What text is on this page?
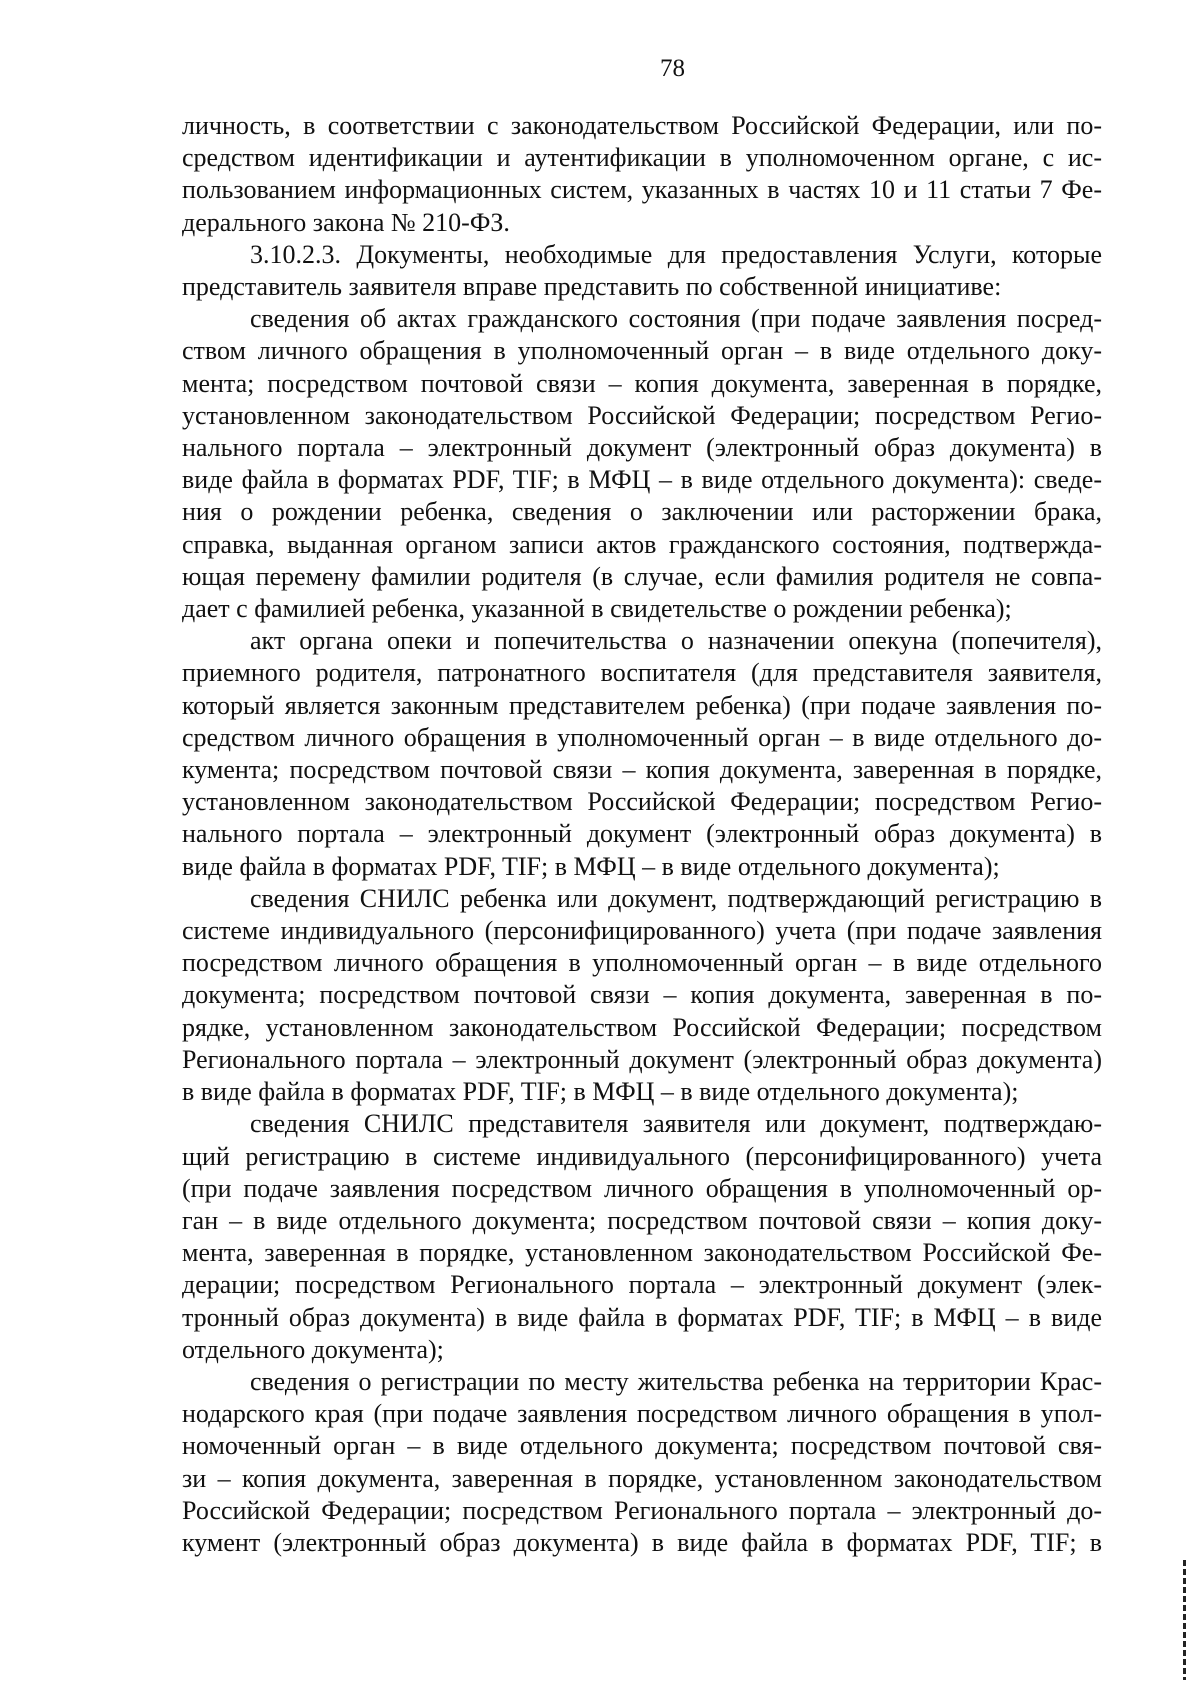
78
личность, в соответствии с законодательством Российской Федерации, или по-
средством идентификации и аутентификации в уполномоченном органе, с ис-
пользованием информационных систем, указанных в частях 10 и 11 статьи 7 Фе-
дерального закона № 210-ФЗ.
3.10.2.3. Документы, необходимые для предоставления Услуги, которые
представитель заявителя вправе представить по собственной инициативе:
сведения об актах гражданского состояния (при подаче заявления посред-
ством личного обращения в уполномоченный орган – в виде отдельного доку-
мента; посредством почтовой связи – копия документа, заверенная в порядке,
установленном законодательством Российской Федерации; посредством Регио-
нального портала – электронный документ (электронный образ документа) в
виде файла в форматах PDF, TIF; в МФЦ – в виде отдельного документа): сведе-
ния о рождении ребенка, сведения о заключении или расторжении брака,
справка, выданная органом записи актов гражданского состояния, подтвержда-
ющая перемену фамилии родителя (в случае, если фамилия родителя не совпа-
дает с фамилией ребенка, указанной в свидетельстве о рождении ребенка);
акт органа опеки и попечительства о назначении опекуна (попечителя),
приемного родителя, патронатного воспитателя (для представителя заявителя,
который является законным представителем ребенка) (при подаче заявления по-
средством личного обращения в уполномоченный орган – в виде отдельного до-
кумента; посредством почтовой связи – копия документа, заверенная в порядке,
установленном законодательством Российской Федерации; посредством Регио-
нального портала – электронный документ (электронный образ документа) в
виде файла в форматах PDF, TIF; в МФЦ – в виде отдельного документа);
сведения СНИЛС ребенка или документ, подтверждающий регистрацию в
системе индивидуального (персонифицированного) учета (при подаче заявления
посредством личного обращения в уполномоченный орган – в виде отдельного
документа; посредством почтовой связи – копия документа, заверенная в по-
рядке, установленном законодательством Российской Федерации; посредством
Регионального портала – электронный документ (электронный образ документа)
в виде файла в форматах PDF, TIF; в МФЦ – в виде отдельного документа);
сведения СНИЛС представителя заявителя или документ, подтверждаю-
щий регистрацию в системе индивидуального (персонифицированного) учета
(при подаче заявления посредством личного обращения в уполномоченный ор-
ган – в виде отдельного документа; посредством почтовой связи – копия доку-
мента, заверенная в порядке, установленном законодательством Российской Фе-
дерации; посредством Регионального портала – электронный документ (элек-
тронный образ документа) в виде файла в форматах PDF, TIF; в МФЦ – в виде
отдельного документа);
сведения о регистрации по месту жительства ребенка на территории Крас-
нодарского края (при подаче заявления посредством личного обращения в упол-
номоченный орган – в виде отдельного документа; посредством почтовой свя-
зи – копия документа, заверенная в порядке, установленном законодательством
Российской Федерации; посредством Регионального портала – электронный до-
кумент (электронный образ документа) в виде файла в форматах PDF, TIF; в
